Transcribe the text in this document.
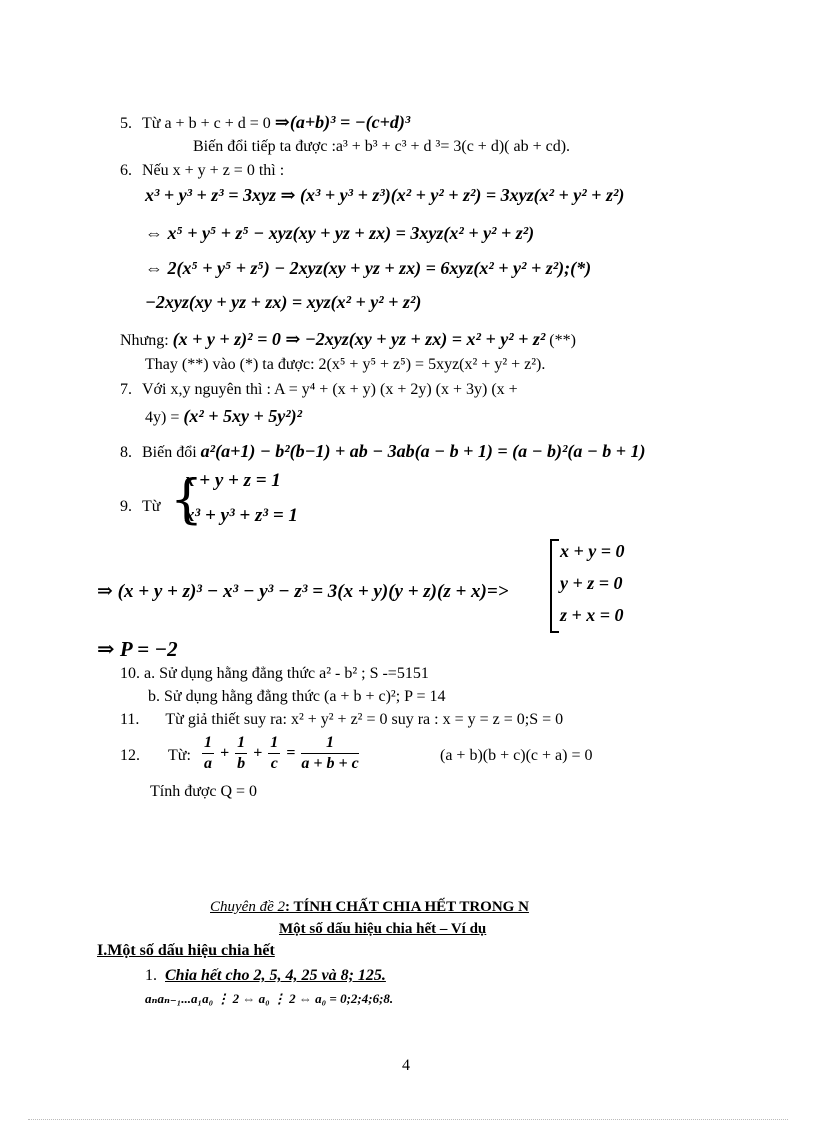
5. Từ a + b + c + d = 0 ⇒(a+b)³ = −(c+d)³
Biến đổi tiếp ta được :a³ + b³ + c³ + d ³= 3(c + d)( ab + cd).
6. Nếu x + y + z = 0 thì :
x³ + y³ + z³ = 3xyz ⇒ (x³ + y³ + z³)(x² + y² + z²) = 3xyz(x² + y² + z²)
⇔ x⁵ + y⁵ + z⁵ − xyz(xy + yz + zx) = 3xyz(x² + y² + z²)
⇔ 2(x⁵ + y⁵ + z⁵) − 2xyz(xy + yz + zx) = 6xyz(x² + y² + z²);(*)
−2xyz(xy + yz + zx) = xyz(x² + y² + z²)
Nhưng: (x + y + z)² = 0 ⇒ −2xyz(xy + yz + zx) = x² + y² + z² (**)
Thay (**) vào (*) ta được: 2(x⁵ + y⁵ + z⁵) = 5xyz(x² + y² + z²).
7. Với x,y nguyên thì : A = y⁴ + (x + y) (x + 2y) (x + 3y) (x +
4y) = (x² + 5xy + 5y²)²
8. Biến đổi a²(a+1) − b²(b−1) + ab − 3ab(a − b + 1) = (a − b)²(a − b + 1)
9. Từ {
x + y + z = 1
x³ + y³ + z³ = 1
⇒ (x + y + z)³ − x³ − y³ − z³ = 3(x + y)(y + z)(z + x)=>
x + y = 0
y + z = 0
z + x = 0
⇒ P = −2
10. a. Sử dụng hằng đẳng thức a² - b² ; S -=5151
b. Sử dụng hằng đẳng thức (a + b + c)²; P = 14
11. Từ giả thiết suy ra: x² + y² + z² = 0 suy ra : x = y = z = 0;S = 0
12. Từ: $\frac{1}{a} + \frac{1}{b} + \frac{1}{c} = \frac{1}{a + b + c}$	(a + b)(b + c)(c + a) = 0
Tính được Q = 0
Chuyên đề 2: TÍNH CHẤT CHIA HẾT TRONG N
Một số dấu hiệu chia hết – Ví dụ
I.Một số dấu hiệu chia hết
1. Chia hết cho 2, 5, 4, 25 và 8; 125.
aₙaₙ₋₁...a₁a₀ ⋮ 2 ⇔ a₀ ⋮ 2 ⇔ a₀ = 0;2;4;6;8.
4
